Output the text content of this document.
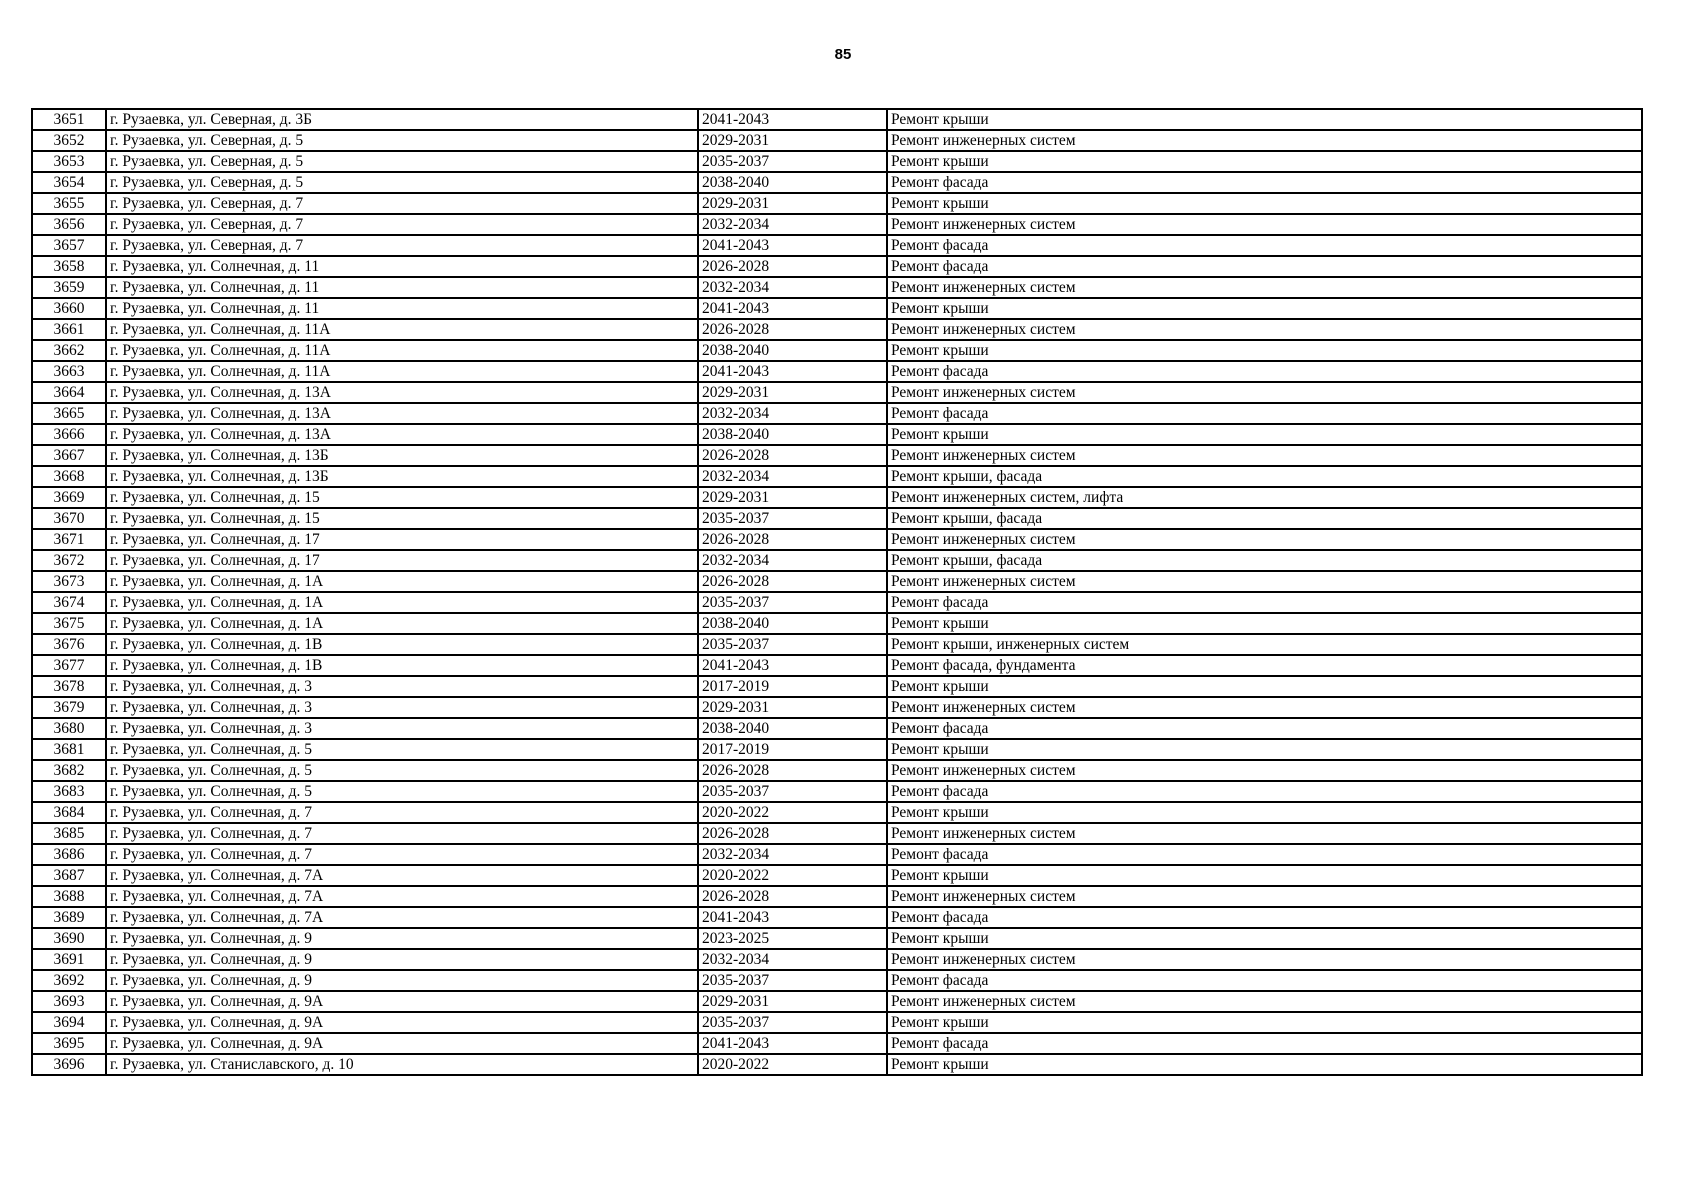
85
3651	г. Рузаевка, ул. Северная, д. 3Б	2041-2043	Ремонт крыши
3652	г. Рузаевка, ул. Северная, д. 5	2029-2031	Ремонт инженерных систем
3653	г. Рузаевка, ул. Северная, д. 5	2035-2037	Ремонт крыши
3654	г. Рузаевка, ул. Северная, д. 5	2038-2040	Ремонт фасада
3655	г. Рузаевка, ул. Северная, д. 7	2029-2031	Ремонт крыши
3656	г. Рузаевка, ул. Северная, д. 7	2032-2034	Ремонт инженерных систем
3657	г. Рузаевка, ул. Северная, д. 7	2041-2043	Ремонт фасада
3658	г. Рузаевка, ул. Солнечная, д. 11	2026-2028	Ремонт фасада
3659	г. Рузаевка, ул. Солнечная, д. 11	2032-2034	Ремонт инженерных систем
3660	г. Рузаевка, ул. Солнечная, д. 11	2041-2043	Ремонт крыши
3661	г. Рузаевка, ул. Солнечная, д. 11А	2026-2028	Ремонт инженерных систем
3662	г. Рузаевка, ул. Солнечная, д. 11А	2038-2040	Ремонт крыши
3663	г. Рузаевка, ул. Солнечная, д. 11А	2041-2043	Ремонт фасада
3664	г. Рузаевка, ул. Солнечная, д. 13А	2029-2031	Ремонт инженерных систем
3665	г. Рузаевка, ул. Солнечная, д. 13А	2032-2034	Ремонт фасада
3666	г. Рузаевка, ул. Солнечная, д. 13А	2038-2040	Ремонт крыши
3667	г. Рузаевка, ул. Солнечная, д. 13Б	2026-2028	Ремонт инженерных систем
3668	г. Рузаевка, ул. Солнечная, д. 13Б	2032-2034	Ремонт крыши, фасада
3669	г. Рузаевка, ул. Солнечная, д. 15	2029-2031	Ремонт инженерных систем, лифта
3670	г. Рузаевка, ул. Солнечная, д. 15	2035-2037	Ремонт крыши, фасада
3671	г. Рузаевка, ул. Солнечная, д. 17	2026-2028	Ремонт инженерных систем
3672	г. Рузаевка, ул. Солнечная, д. 17	2032-2034	Ремонт крыши, фасада
3673	г. Рузаевка, ул. Солнечная, д. 1А	2026-2028	Ремонт инженерных систем
3674	г. Рузаевка, ул. Солнечная, д. 1А	2035-2037	Ремонт фасада
3675	г. Рузаевка, ул. Солнечная, д. 1А	2038-2040	Ремонт крыши
3676	г. Рузаевка, ул. Солнечная, д. 1В	2035-2037	Ремонт крыши, инженерных систем
3677	г. Рузаевка, ул. Солнечная, д. 1В	2041-2043	Ремонт фасада, фундамента
3678	г. Рузаевка, ул. Солнечная, д. 3	2017-2019	Ремонт крыши
3679	г. Рузаевка, ул. Солнечная, д. 3	2029-2031	Ремонт инженерных систем
3680	г. Рузаевка, ул. Солнечная, д. 3	2038-2040	Ремонт фасада
3681	г. Рузаевка, ул. Солнечная, д. 5	2017-2019	Ремонт крыши
3682	г. Рузаевка, ул. Солнечная, д. 5	2026-2028	Ремонт инженерных систем
3683	г. Рузаевка, ул. Солнечная, д. 5	2035-2037	Ремонт фасада
3684	г. Рузаевка, ул. Солнечная, д. 7	2020-2022	Ремонт крыши
3685	г. Рузаевка, ул. Солнечная, д. 7	2026-2028	Ремонт инженерных систем
3686	г. Рузаевка, ул. Солнечная, д. 7	2032-2034	Ремонт фасада
3687	г. Рузаевка, ул. Солнечная, д. 7А	2020-2022	Ремонт крыши
3688	г. Рузаевка, ул. Солнечная, д. 7А	2026-2028	Ремонт инженерных систем
3689	г. Рузаевка, ул. Солнечная, д. 7А	2041-2043	Ремонт фасада
3690	г. Рузаевка, ул. Солнечная, д. 9	2023-2025	Ремонт крыши
3691	г. Рузаевка, ул. Солнечная, д. 9	2032-2034	Ремонт инженерных систем
3692	г. Рузаевка, ул. Солнечная, д. 9	2035-2037	Ремонт фасада
3693	г. Рузаевка, ул. Солнечная, д. 9А	2029-2031	Ремонт инженерных систем
3694	г. Рузаевка, ул. Солнечная, д. 9А	2035-2037	Ремонт крыши
3695	г. Рузаевка, ул. Солнечная, д. 9А	2041-2043	Ремонт фасада
3696	г. Рузаевка, ул. Станиславского, д. 10	2020-2022	Ремонт крыши
